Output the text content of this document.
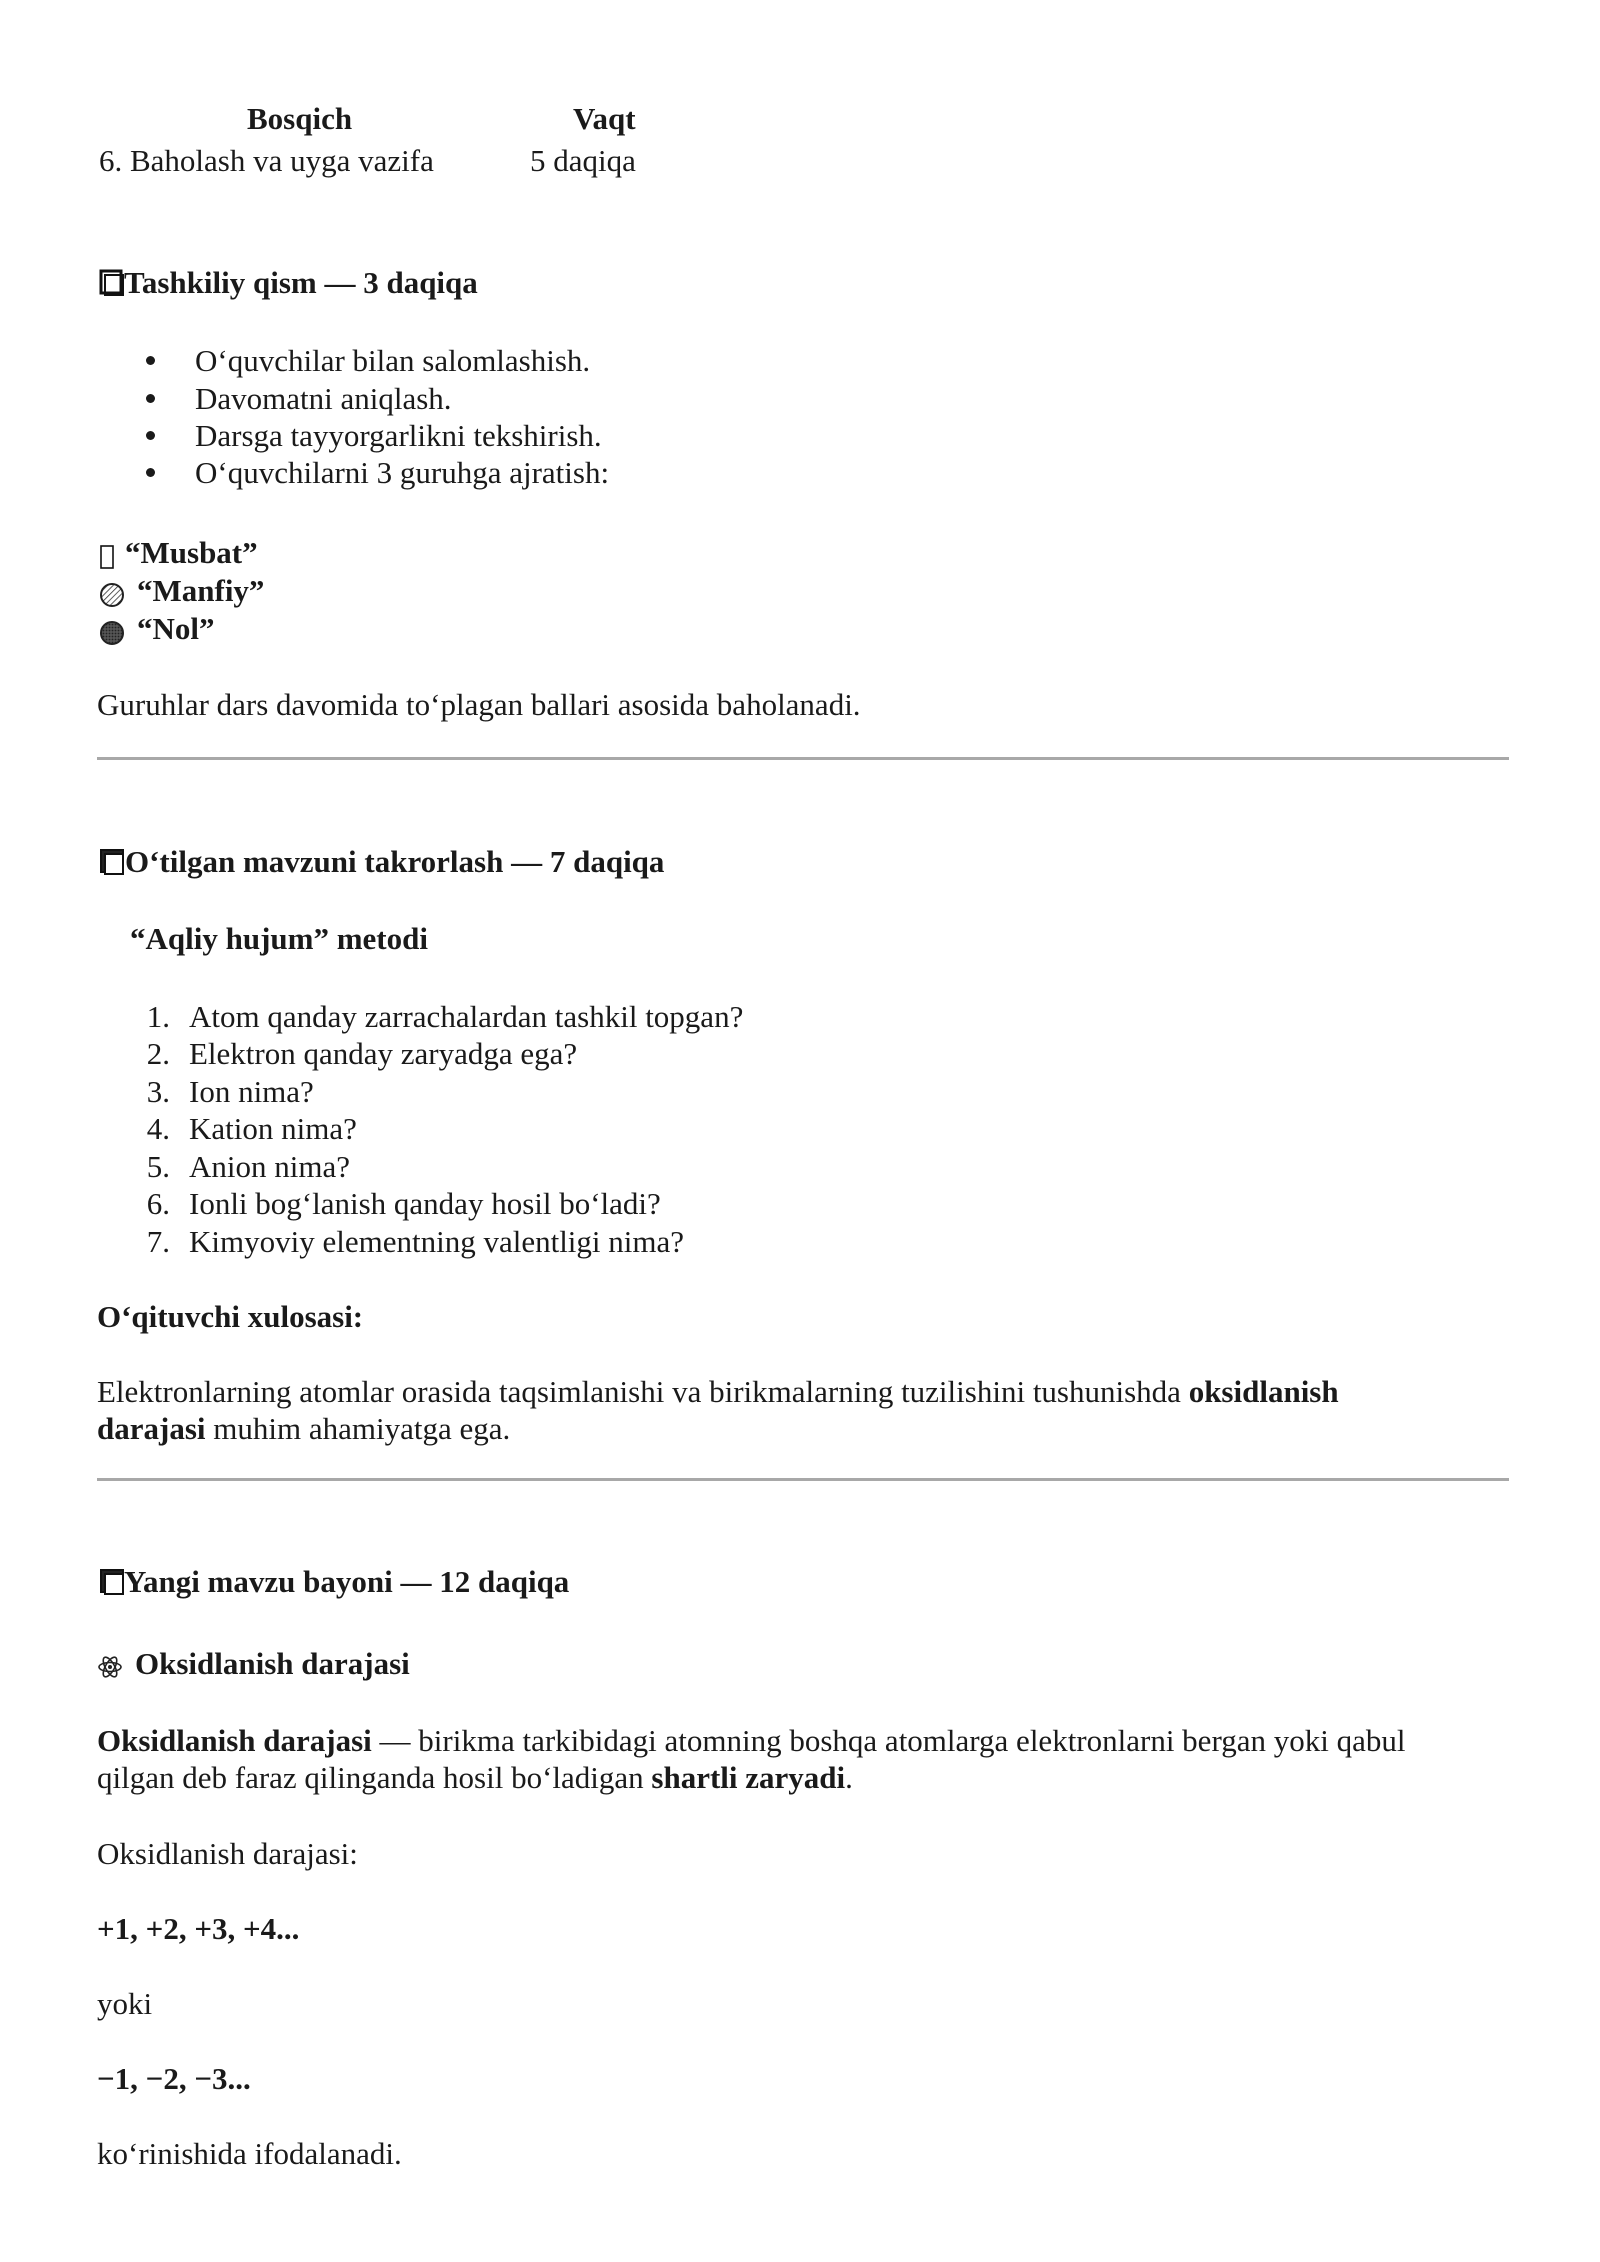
Bosqich	Vaqt
6. Baholash va uyga vazifa	5 daqiqa
Tashkiliy qism — 3 daqiqa
O‘quvchilar bilan salomlashish.
Davomatni aniqlash.
Darsga tayyorgarlikni tekshirish.
O‘quvchilarni 3 guruhga ajratish:
“Musbat”
“Manfiy”
“Nol”
Guruhlar dars davomida to‘plagan ballari asosida baholanadi.
O‘tilgan mavzuni takrorlash — 7 daqiqa
“Aqliy hujum” metodi
1. Atom qanday zarrachalardan tashkil topgan?
2. Elektron qanday zaryadga ega?
3. Ion nima?
4. Kation nima?
5. Anion nima?
6. Ionli bog‘lanish qanday hosil bo‘ladi?
7. Kimyoviy elementning valentligi nima?
O‘qituvchi xulosasi:
Elektronlarning atomlar orasida taqsimlanishi va birikmalarning tuzilishini tushunishda oksidlanish
darajasi muhim ahamiyatga ega.
Yangi mavzu bayoni — 12 daqiqa
Oksidlanish darajasi
Oksidlanish darajasi — birikma tarkibidagi atomning boshqa atomlarga elektronlarni bergan yoki qabul
qilgan deb faraz qilinganda hosil bo‘ladigan shartli zaryadi.
Oksidlanish darajasi:
+1, +2, +3, +4...
yoki
−1, −2, −3...
ko‘rinishida ifodalanadi.
